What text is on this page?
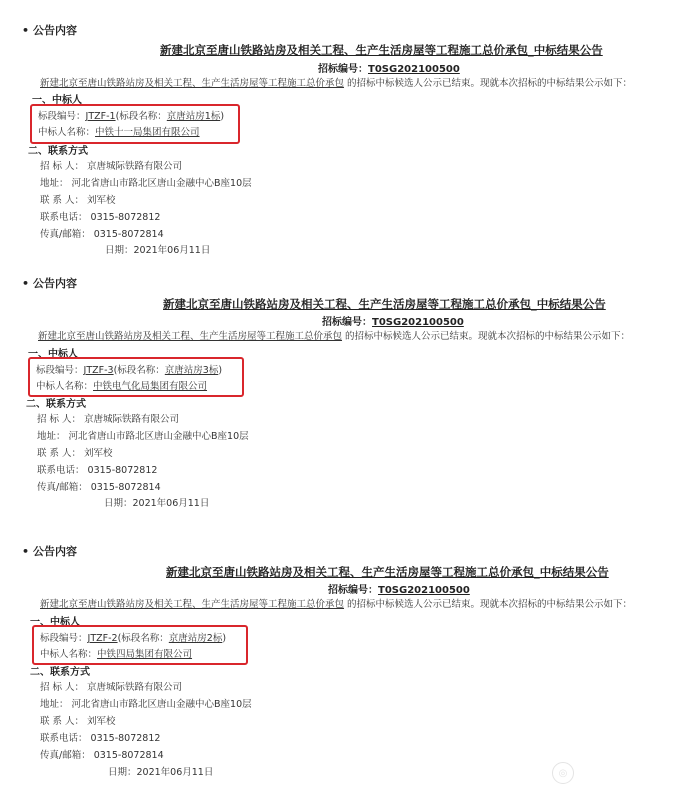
• 公告内容
新建北京至唐山铁路站房及相关工程、生产生活房屋等工程施工总价承包_中标结果公告
招标编号：T0SG202100500
新建北京至唐山铁路站房及相关工程、生产生活房屋等工程施工总价承包 的招标中标候选人公示已结束。现就本次招标的中标结果公示如下：
一、中标人
标段编号：JTZF-1(标段名称：京唐站房1标)
中标人名称：中铁十一局集团有限公司
二、联系方式
招 标 人： 京唐城际铁路有限公司
地址： 河北省唐山市路北区唐山金融中心B座10层
联 系 人： 刘军校
联系电话： 0315-8072812
传真/邮箱： 0315-8072814
日期：2021年06月11日
• 公告内容
新建北京至唐山铁路站房及相关工程、生产生活房屋等工程施工总价承包_中标结果公告
招标编号：T0SG202100500
新建北京至唐山铁路站房及相关工程、生产生活房屋等工程施工总价承包 的招标中标候选人公示已结束。现就本次招标的中标结果公示如下：
一、中标人
标段编号：JTZF-3(标段名称：京唐站房3标)
中标人名称：中铁电气化局集团有限公司
二、联系方式
招 标 人： 京唐城际铁路有限公司
地址： 河北省唐山市路北区唐山金融中心B座10层
联 系 人： 刘军校
联系电话： 0315-8072812
传真/邮箱： 0315-8072814
日期：2021年06月11日
• 公告内容
新建北京至唐山铁路站房及相关工程、生产生活房屋等工程施工总价承包_中标结果公告
招标编号：T0SG202100500
新建北京至唐山铁路站房及相关工程、生产生活房屋等工程施工总价承包 的招标中标候选人公示已结束。现就本次招标的中标结果公示如下：
一、中标人
标段编号：JTZF-2(标段名称：京唐站房2标)
中标人名称：中铁四局集团有限公司
二、联系方式
招 标 人： 京唐城际铁路有限公司
地址： 河北省唐山市路北区唐山金融中心B座10层
联 系 人： 刘军校
联系电话： 0315-8072812
传真/邮箱： 0315-8072814
日期：2021年06月11日	◎
